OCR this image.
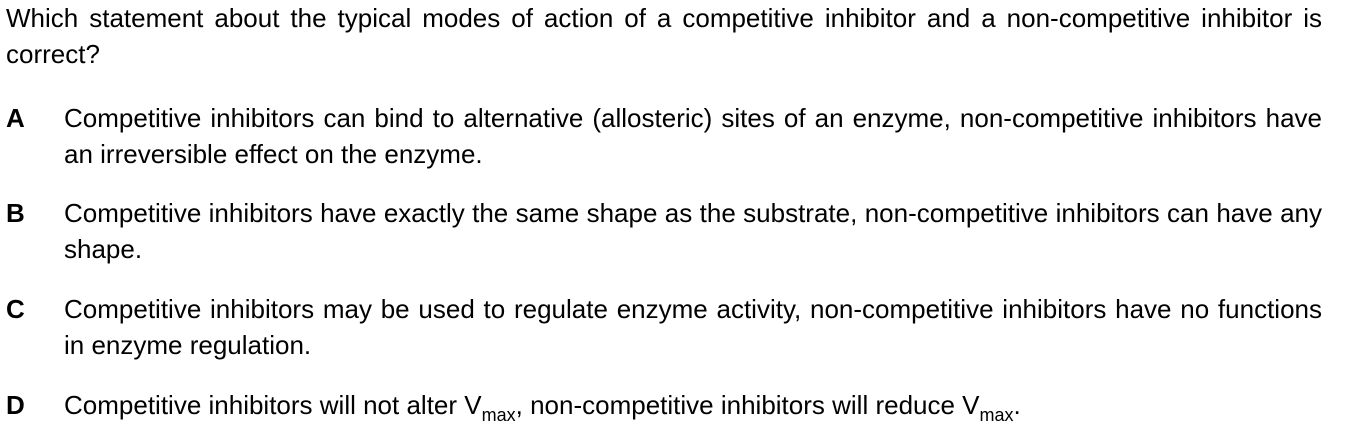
Which statement about the typical modes of action of a competitive inhibitor and a non-competitive inhibitor is correct?

A	Competitive inhibitors can bind to alternative (allosteric) sites of an enzyme, non-competitive inhibitors have an irreversible effect on the enzyme.

B	Competitive inhibitors have exactly the same shape as the substrate, non-competitive inhibitors can have any shape.

C	Competitive inhibitors may be used to regulate enzyme activity, non-competitive inhibitors have no functions in enzyme regulation.

D	Competitive inhibitors will not alter $V_{max}$, non-competitive inhibitors will reduce $V_{max}$.
